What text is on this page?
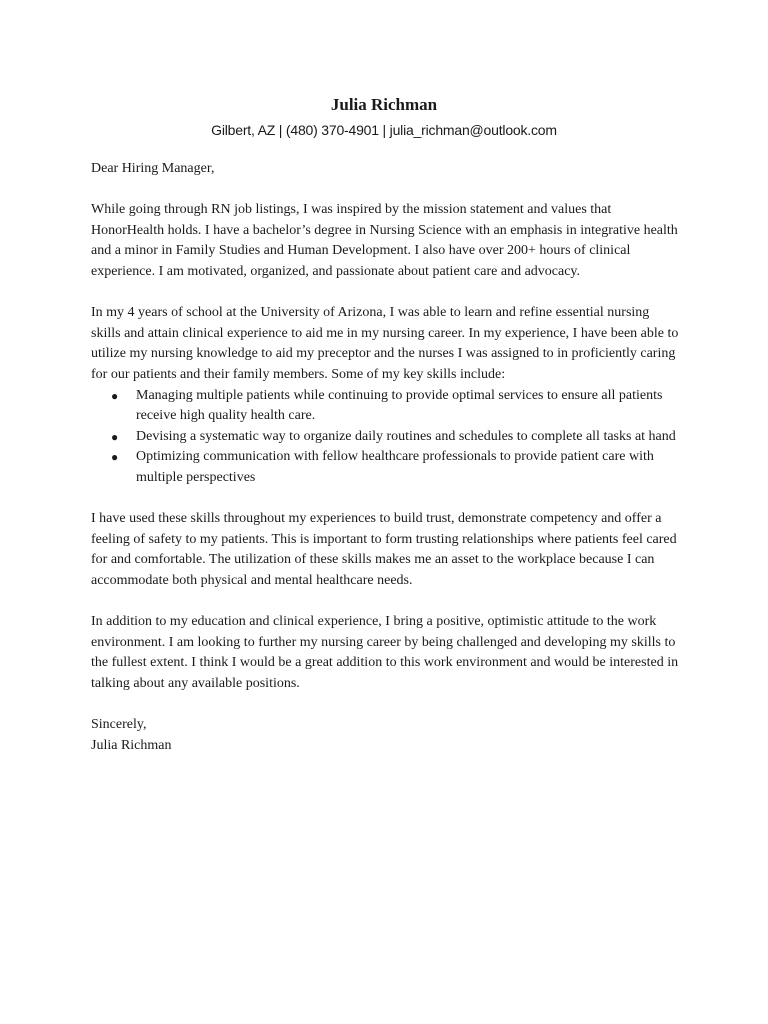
Julia Richman

Gilbert, AZ | (480) 370-4901 | julia_richman@outlook.com

Dear Hiring Manager,

While going through RN job listings, I was inspired by the mission statement and values that HonorHealth holds. I have a bachelor’s degree in Nursing Science with an emphasis in integrative health and a minor in Family Studies and Human Development. I also have over 200+ hours of clinical experience. I am motivated, organized, and passionate about patient care and advocacy.

In my 4 years of school at the University of Arizona, I was able to learn and refine essential nursing skills and attain clinical experience to aid me in my nursing career. In my experience, I have been able to utilize my nursing knowledge to aid my preceptor and the nurses I was assigned to in proficiently caring for our patients and their family members. Some of my key skills include:

● Managing multiple patients while continuing to provide optimal services to ensure all patients receive high quality health care.
● Devising a systematic way to organize daily routines and schedules to complete all tasks at hand
● Optimizing communication with fellow healthcare professionals to provide patient care with multiple perspectives

I have used these skills throughout my experiences to build trust, demonstrate competency and offer a feeling of safety to my patients. This is important to form trusting relationships where patients feel cared for and comfortable. The utilization of these skills makes me an asset to the workplace because I can accommodate both physical and mental healthcare needs.

In addition to my education and clinical experience, I bring a positive, optimistic attitude to the work environment. I am looking to further my nursing career by being challenged and developing my skills to the fullest extent. I think I would be a great addition to this work environment and would be interested in talking about any available positions.

Sincerely,

Julia Richman
